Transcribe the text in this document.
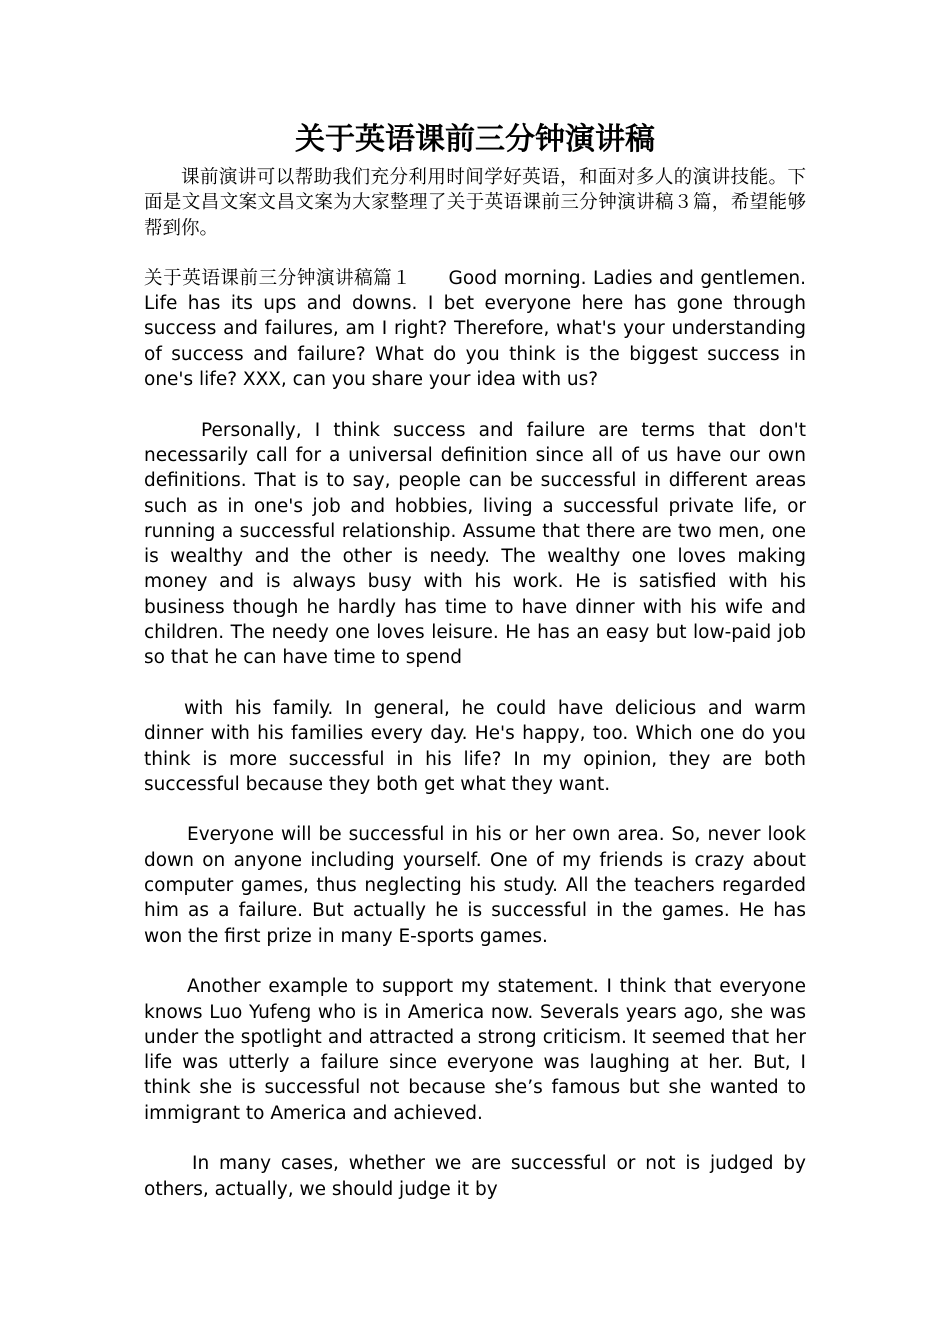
关于英语课前三分钟演讲稿

课前演讲可以帮助我们充分利用时间学好英语，和面对多人的演讲技能。下面是文昌文案文昌文案为大家整理了关于英语课前三分钟演讲稿３篇，希望能够帮到你。

关于英语课前三分钟演讲稿篇１ Good morning. Ladies and gentlemen. Life has its ups and downs. I bet everyone here has gone through success and failures, am I right? Therefore, what's your understanding of success and failure? What do you think is the biggest success in one's life? XXX, can you share your idea with us?

Personally, I think success and failure are terms that don't necessarily call for a universal definition since all of us have our own definitions. That is to say, people can be successful in different areas such as in one's job and hobbies, living a successful private life, or running a successful relationship. Assume that there are two men, one is wealthy and the other is needy. The wealthy one loves making money and is always busy with his work. He is satisfied with his business though he hardly has time to have dinner with his wife and children. The needy one loves leisure. He has an easy but low-paid job so that he can have time to spend

with his family. In general, he could have delicious and warm dinner with his families every day. He's happy, too. Which one do you think is more successful in his life? In my opinion, they are both successful because they both get what they want.

Everyone will be successful in his or her own area. So, never look down on anyone including yourself. One of my friends is crazy about computer games, thus neglecting his study. All the teachers regarded him as a failure. But actually he is successful in the games. He has won the first prize in many E-sports games.

Another example to support my statement. I think that everyone knows Luo Yufeng who is in America now. Severals years ago, she was under the spotlight and attracted a strong criticism. It seemed that her life was utterly a failure since everyone was laughing at her. But, I think she is successful not because she’s famous but she wanted to immigrant to America and achieved.

In many cases, whether we are successful or not is judged by others, actually, we should judge it by
